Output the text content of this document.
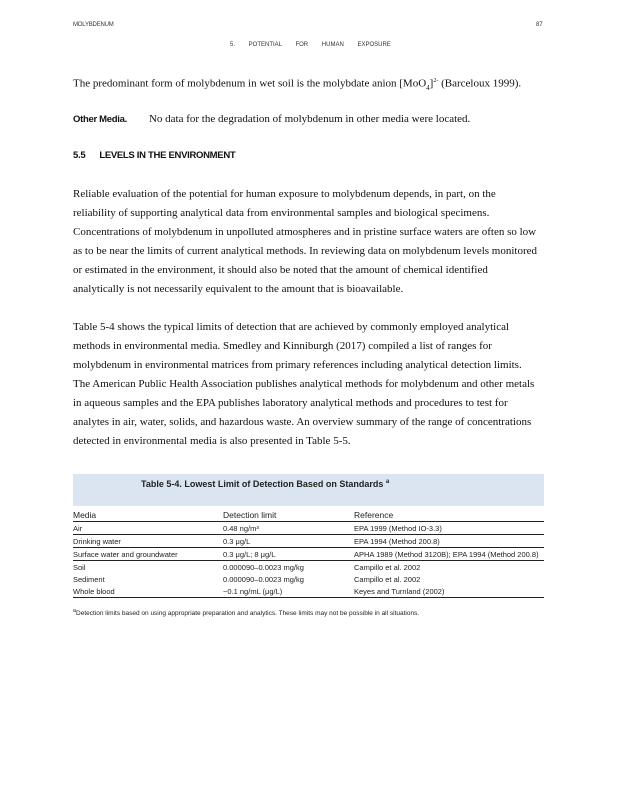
MOLYBDENUM	87
5. POTENTIAL FOR HUMAN EXPOSURE
The predominant form of molybdenum in wet soil is the molybdate anion $[MoO_4]^{2-}$ (Barceloux 1999).
Other Media. No data for the degradation of molybdenum in other media were located.
5.5 LEVELS IN THE ENVIRONMENT
Reliable evaluation of the potential for human exposure to molybdenum depends, in part, on the
reliability of supporting analytical data from environmental samples and biological specimens.
Concentrations of molybdenum in unpolluted atmospheres and in pristine surface waters are often so low
as to be near the limits of current analytical methods. In reviewing data on molybdenum levels monitored
or estimated in the environment, it should also be noted that the amount of chemical identified
analytically is not necessarily equivalent to the amount that is bioavailable.
Table 5-4 shows the typical limits of detection that are achieved by commonly employed analytical
methods in environmental media. Smedley and Kinniburgh (2017) compiled a list of ranges for
molybdenum in environmental matrices from primary references including analytical detection limits.
The American Public Health Association publishes analytical methods for molybdenum and other metals
in aqueous samples and the EPA publishes laboratory analytical methods and procedures to test for
analytes in air, water, solids, and hazardous waste. An overview summary of the range of concentrations
detected in environmental media is also presented in Table 5-5.
Table 5-4. Lowest Limit of Detection Based on Standards $^a$
Media	Detection limit	Reference
Air	0.48 ng/m³	EPA 1999 (Method IO-3.3)
Drinking water	0.3 μg/L	EPA 1994 (Method 200.8)
Surface water and groundwater	0.3 μg/L; 8 μg/L	APHA 1989 (Method 3120B); EPA 1994 (Method 200.8)
Soil	0.000090–0.0023 mg/kg	Campillo et al. 2002
Sediment	0.000090–0.0023 mg/kg	Campillo et al. 2002
Whole blood	~0.1 ng/mL (μg/L)	Keyes and Turnland (2002)
$^a$Detection limits based on using appropriate preparation and analytics. These limits may not be possible in all situations.
